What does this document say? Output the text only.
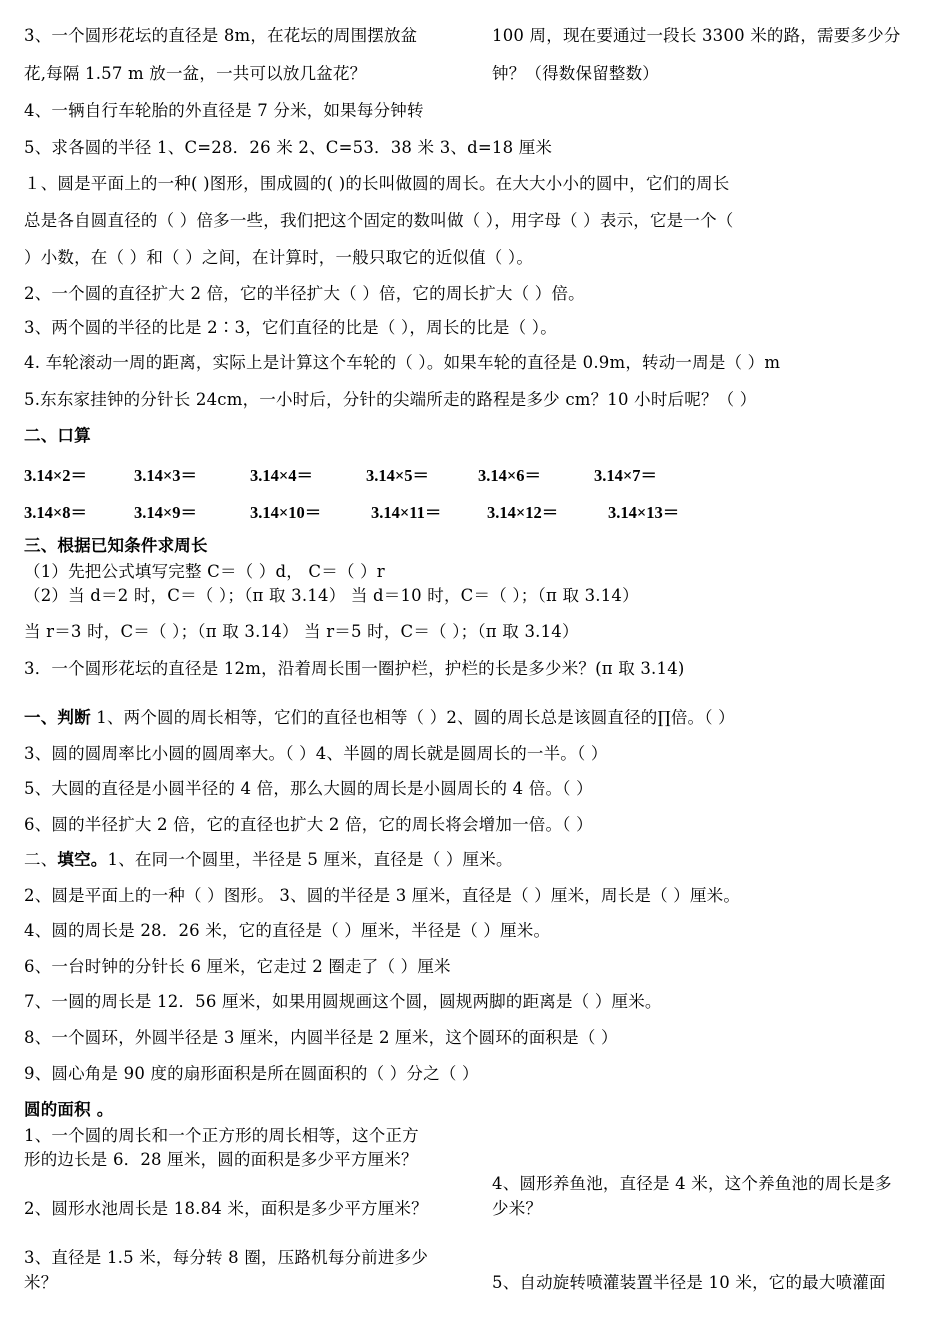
3、一个圆形花坛的直径是 8m，在花坛的周围摆放盆
花,每隔 1.57 m 放一盆，一共可以放几盆花？
4、一辆自行车轮胎的外直径是 7 分米，如果每分钟转
100 周，现在要通过一段长 3300 米的路，需要多少分
钟？（得数保留整数）
5、求各圆的半径 1、C=28．26 米 2、C=53．38 米 3、d=18 厘米
１、圆是平面上的一种( )图形，围成圆的( )的长叫做圆的周长。在大大小小的圆中，它们的周长
总是各自圆直径的（ ）倍多一些，我们把这个固定的数叫做（ ），用字母（ ）表示，它是一个（
）小数，在（ ）和（ ）之间，在计算时，一般只取它的近似值（ ）。
2、一个圆的直径扩大 2 倍，它的半径扩大（ ）倍，它的周长扩大（ ）倍。
3、两个圆的半径的比是 2∶3，它们直径的比是（ ），周长的比是（ ）。
4. 车轮滚动一周的距离，实际上是计算这个车轮的（ ）。如果车轮的直径是 0.9m，转动一周是（ ）m
5.东东家挂钟的分针长 24cm，一小时后，分针的尖端所走的路程是多少 cm？10 小时后呢？（ ）
二、口算
3.14×2＝	3.14×3＝	3.14×4＝	3.14×5＝	3.14×6＝	3.14×7＝
3.14×8＝	3.14×9＝	3.14×10＝	3.14×11＝	3.14×12＝	3.14×13＝
三、根据已知条件求周长
（1）先把公式填写完整 C＝（ ）d， C＝（ ）r
（2）当 d＝2 时，C＝（ ）；（π 取 3.14） 当 d＝10 时，C＝（ ）；（π 取 3.14）
当 r＝3 时，C＝（ ）；（π 取 3.14） 当 r＝5 时，C＝（ ）；（π 取 3.14）
3．一个圆形花坛的直径是 12m，沿着周长围一圈护栏，护栏的长是多少米？(π 取 3.14)
一、判断 1、两个圆的周长相等，它们的直径也相等（ ）2、圆的周长总是该圆直径的∏倍。（ ）
3、圆的圆周率比小圆的圆周率大。（ ）4、半圆的周长就是圆周长的一半。（ ）
5、大圆的直径是小圆半径的 4 倍，那么大圆的周长是小圆周长的 4 倍。（ ）
6、圆的半径扩大 2 倍，它的直径也扩大 2 倍，它的周长将会增加一倍。（ ）
二、填空。1、在同一个圆里，半径是 5 厘米，直径是（ ）厘米。
2、圆是平面上的一种（ ）图形。 3、圆的半径是 3 厘米，直径是（ ）厘米，周长是（ ）厘米。
4、圆的周长是 28．26 米，它的直径是（ ）厘米，半径是（ ）厘米。
6、一台时钟的分针长 6 厘米，它走过 2 圈走了（ ）厘米
7、一圆的周长是 12．56 厘米，如果用圆规画这个圆，圆规两脚的距离是（ ）厘米。
8、一个圆环，外圆半径是 3 厘米，内圆半径是 2 厘米，这个圆环的面积是（ ）
9、圆心角是 90 度的扇形面积是所在圆面积的（ ）分之（ ）
圆的面积 。
1、一个圆的周长和一个正方形的周长相等，这个正方
形的边长是 6．28 厘米，圆的面积是多少平方厘米？
2、圆形水池周长是 18.84 米，面积是多少平方厘米？
3、直径是 1.5 米，每分转 8 圈，压路机每分前进多少
米？
4、圆形养鱼池，直径是 4 米，这个养鱼池的周长是多
少米？
5、自动旋转喷灌装置半径是 10 米，它的最大喷灌面
